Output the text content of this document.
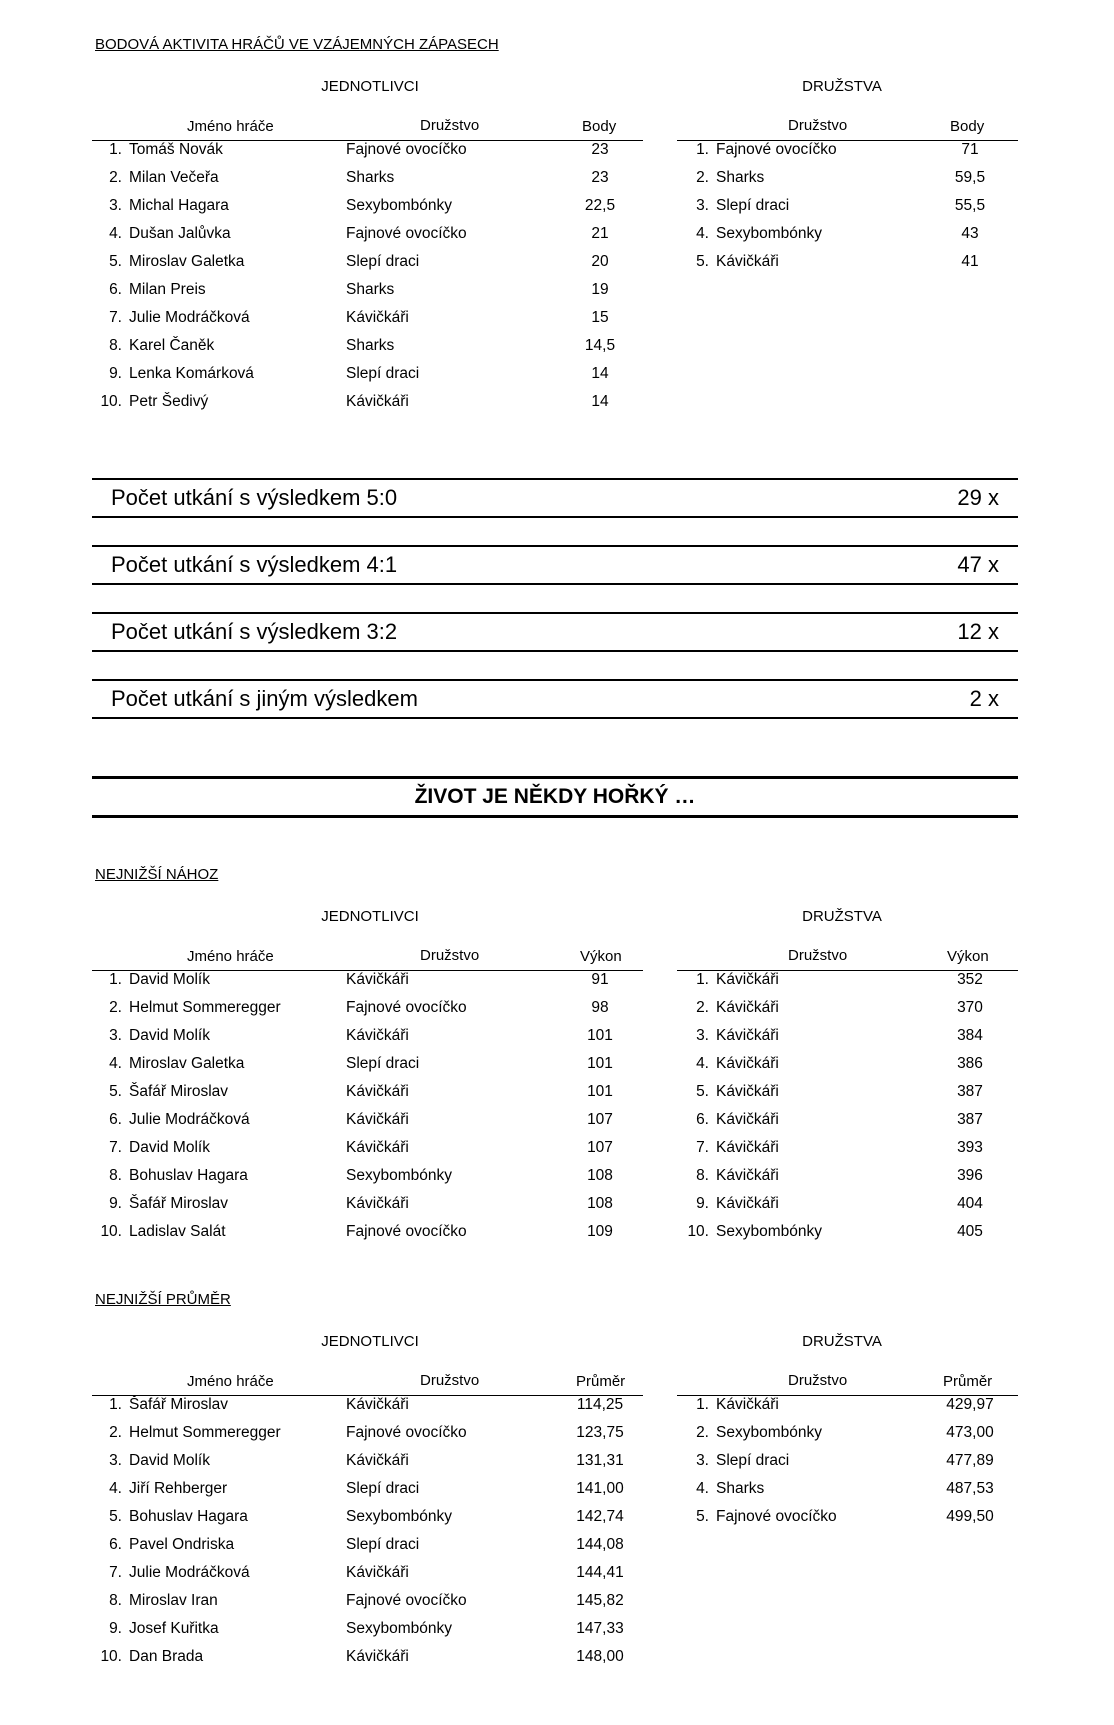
BODOVÁ AKTIVITA HRÁČŮ VE VZÁJEMNÝCH ZÁPASECH
JEDNOTLIVCI	DRUŽSTVA
Jméno hráče	Družstvo	Body
1. Tomáš Novák	Fajnové ovocíčko	23
2. Milan Večeřa	Sharks	23
3. Michal Hagara	Sexybombónky	22,5
4. Dušan Jalůvka	Fajnové ovocíčko	21
5. Miroslav Galetka	Slepí draci	20
6. Milan Preis	Sharks	19
7. Julie Modráčková	Kávičkáři	15
8. Karel Čaněk	Sharks	14,5
9. Lenka Komárková	Slepí draci	14
10. Petr Šedivý	Kávičkáři	14
Družstvo	Body
1. Fajnové ovocíčko	71
2. Sharks	59,5
3. Slepí draci	55,5
4. Sexybombónky	43
5. Kávičkáři	41
Počet utkání s výsledkem 5:0	29 x
Počet utkání s výsledkem 4:1	47 x
Počet utkání s výsledkem 3:2	12 x
Počet utkání s jiným výsledkem	2 x
ŽIVOT JE NĚKDY HOŘKÝ …
NEJNIŽŠÍ NÁHOZ
JEDNOTLIVCI	DRUŽSTVA
Jméno hráče	Družstvo	Výkon
1. David Molík	Kávičkáři	91
2. Helmut Sommeregger	Fajnové ovocíčko	98
3. David Molík	Kávičkáři	101
4. Miroslav Galetka	Slepí draci	101
5. Šafář Miroslav	Kávičkáři	101
6. Julie Modráčková	Kávičkáři	107
7. David Molík	Kávičkáři	107
8. Bohuslav Hagara	Sexybombónky	108
9. Šafář Miroslav	Kávičkáři	108
10. Ladislav Salát	Fajnové ovocíčko	109
Družstvo	Výkon
1. Kávičkáři	352
2. Kávičkáři	370
3. Kávičkáři	384
4. Kávičkáři	386
5. Kávičkáři	387
6. Kávičkáři	387
7. Kávičkáři	393
8. Kávičkáři	396
9. Kávičkáři	404
10. Sexybombónky	405
NEJNIŽŠÍ PRŮMĚR
JEDNOTLIVCI	DRUŽSTVA
Jméno hráče	Družstvo	Průměr
1. Šafář Miroslav	Kávičkáři	114,25
2. Helmut Sommeregger	Fajnové ovocíčko	123,75
3. David Molík	Kávičkáři	131,31
4. Jiří Rehberger	Slepí draci	141,00
5. Bohuslav Hagara	Sexybombónky	142,74
6. Pavel Ondriska	Slepí draci	144,08
7. Julie Modráčková	Kávičkáři	144,41
8. Miroslav Iran	Fajnové ovocíčko	145,82
9. Josef Kuřitka	Sexybombónky	147,33
10. Dan Brada	Kávičkáři	148,00
Družstvo	Průměr
1. Kávičkáři	429,97
2. Sexybombónky	473,00
3. Slepí draci	477,89
4. Sharks	487,53
5. Fajnové ovocíčko	499,50
